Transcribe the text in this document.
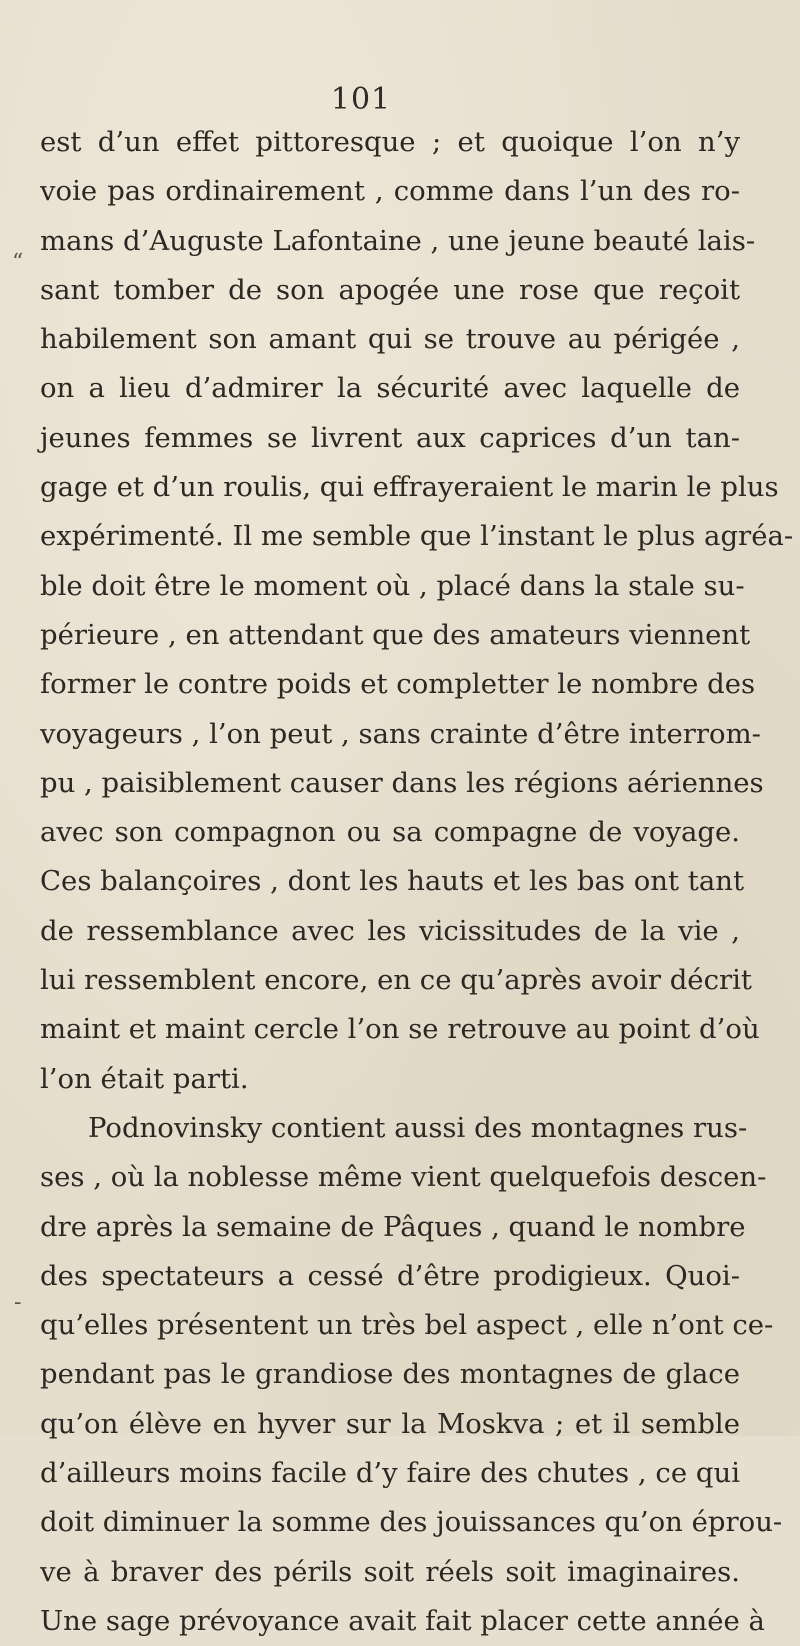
101
“
-
est d’un effet pittoresque ; et quoique l’on n’y
voie pas ordinairement , comme dans l’un des ro-
mans d’Auguste Lafontaine , une jeune beauté lais-
sant tomber de son apogée une rose que reçoit
habilement son amant qui se trouve au périgée ,
on a lieu d’admirer la sécurité avec laquelle de
jeunes femmes se livrent aux caprices d’un tan-
gage et d’un roulis, qui effrayeraient le marin le plus
expérimenté. Il me semble que l’instant le plus agréa-
ble doit être le moment où , placé dans la stale su-
périeure , en attendant que des amateurs viennent
former le contre poids et completter le nombre des
voyageurs , l’on peut , sans crainte d’être interrom-
pu , paisiblement causer dans les régions aériennes
avec son compagnon ou sa compagne de voyage.
Ces balançoires , dont les hauts et les bas ont tant
de ressemblance avec les vicissitudes de la vie ,
lui ressemblent encore, en ce qu’après avoir décrit
maint et maint cercle l’on se retrouve au point d’où
l’on était parti.
Podnovinsky contient aussi des montagnes rus-
ses , où la noblesse même vient quelquefois descen-
dre après la semaine de Pâques , quand le nombre
des spectateurs a cessé d’être prodigieux. Quoi-
qu’elles présentent un très bel aspect , elle n’ont ce-
pendant pas le grandiose des montagnes de glace
qu’on élève en hyver sur la Moskva ; et il semble
d’ailleurs moins facile d’y faire des chutes , ce qui
doit diminuer la somme des jouissances qu’on éprou-
ve à braver des périls soit réels soit imaginaires.
Une sage prévoyance avait fait placer cette année à
